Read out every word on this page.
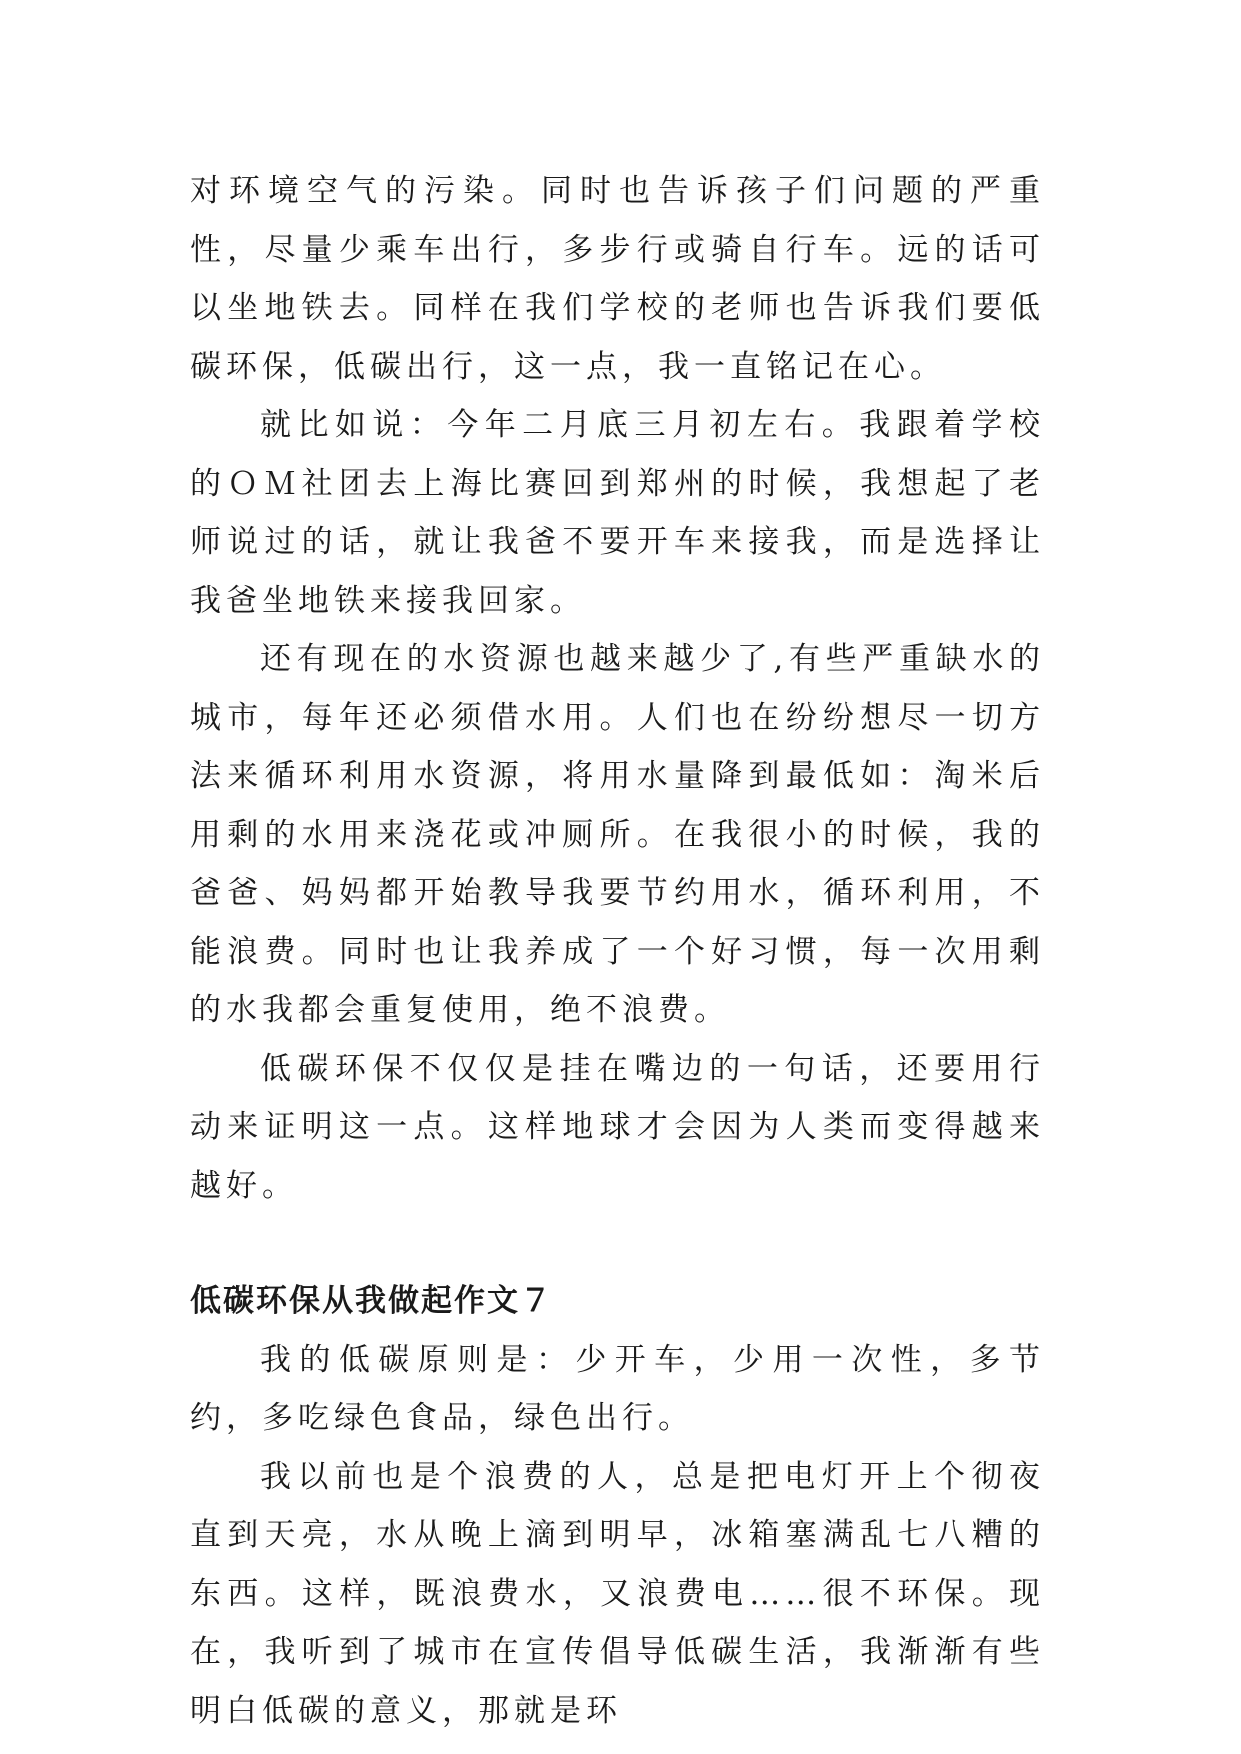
对环境空气的污染。同时也告诉孩子们问题的严重性，尽量少乘车出行，多步行或骑自行车。远的话可以坐地铁去。同样在我们学校的老师也告诉我们要低碳环保，低碳出行，这一点，我一直铭记在心。

就比如说：今年二月底三月初左右。我跟着学校的ＯＭ社团去上海比赛回到郑州的时候，我想起了老师说过的话，就让我爸不要开车来接我，而是选择让我爸坐地铁来接我回家。

还有现在的水资源也越来越少了,有些严重缺水的城市，每年还必须借水用。人们也在纷纷想尽一切方法来循环利用水资源，将用水量降到最低如：淘米后用剩的水用来浇花或冲厕所。在我很小的时候，我的爸爸、妈妈都开始教导我要节约用水，循环利用，不能浪费。同时也让我养成了一个好习惯，每一次用剩的水我都会重复使用，绝不浪费。

低碳环保不仅仅是挂在嘴边的一句话，还要用行动来证明这一点。这样地球才会因为人类而变得越来越好。

低碳环保从我做起作文７

我的低碳原则是：少开车，少用一次性，多节约，多吃绿色食品，绿色出行。

我以前也是个浪费的人，总是把电灯开上个彻夜直到天亮，水从晚上滴到明早，冰箱塞满乱七八糟的东西。这样，既浪费水，又浪费电……很不环保。现在，我听到了城市在宣传倡导低碳生活，我渐渐有些明白低碳的意义，那就是环
